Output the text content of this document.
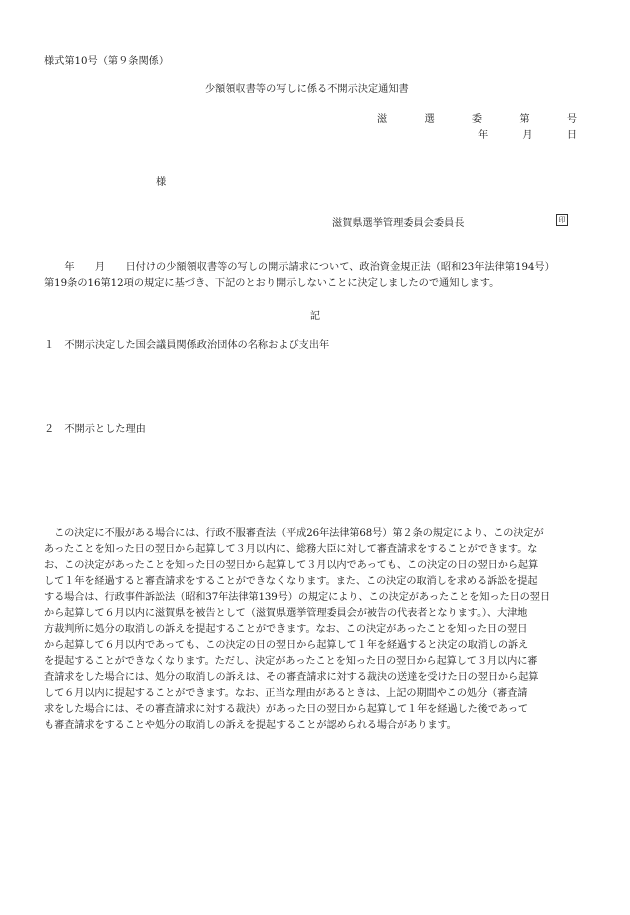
様式第10号（第９条関係）
少額領収書等の写しに係る不開示決定通知書
滋	選	委	第	号
年	月	日
様
滋賀県選挙管理委員会委員長	印
　　年　　月　　日付けの少額領収書等の写しの開示請求について、政治資金規正法（昭和23年法律第194号）
第19条の16第12項の規定に基づき、下記のとおり開示しないことに決定しましたので通知します。
記
１　不開示決定した国会議員関係政治団体の名称および支出年
２　不開示とした理由
　この決定に不服がある場合には、行政不服審査法（平成26年法律第68号）第２条の規定により、この決定が
あったことを知った日の翌日から起算して３月以内に、総務大臣に対して審査請求をすることができます。な
お、この決定があったことを知った日の翌日から起算して３月以内であっても、この決定の日の翌日から起算
して１年を経過すると審査請求をすることができなくなります。また、この決定の取消しを求める訴訟を提起
する場合は、行政事件訴訟法（昭和37年法律第139号）の規定により、この決定があったことを知った日の翌日
から起算して６月以内に滋賀県を被告として（滋賀県選挙管理委員会が被告の代表者となります。）、大津地
方裁判所に処分の取消しの訴えを提起することができます。なお、この決定があったことを知った日の翌日
から起算して６月以内であっても、この決定の日の翌日から起算して１年を経過すると決定の取消しの訴え
を提起することができなくなります。ただし、決定があったことを知った日の翌日から起算して３月以内に審
査請求をした場合には、処分の取消しの訴えは、その審査請求に対する裁決の送達を受けた日の翌日から起算
して６月以内に提起することができます。なお、正当な理由があるときは、上記の期間やこの処分（審査請
求をした場合には、その審査請求に対する裁決）があった日の翌日から起算して１年を経過した後であって
も審査請求をすることや処分の取消しの訴えを提起することが認められる場合があります。
